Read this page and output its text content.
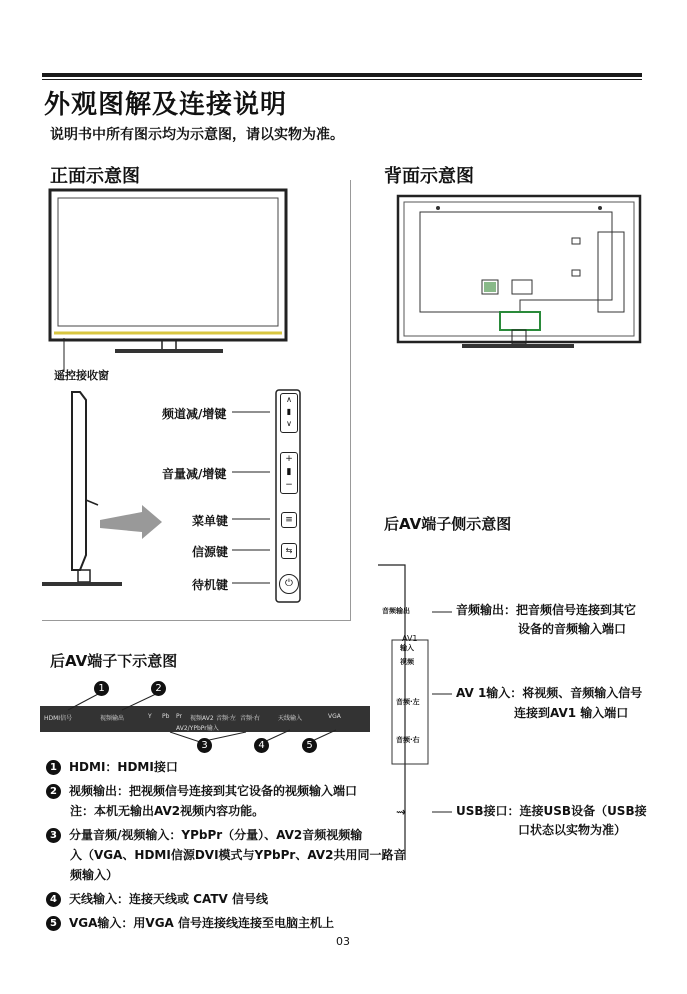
外观图解及连接说明
说明书中所有图示均为示意图，请以实物为准。
正面示意图	背面示意图
遥控接收窗
频道减/增键
音量减/增键
菜单键
信源键
待机键
∧
▮
∨
+
▮
−
≡
⇆
⏻
后AV端子侧示意图
音频输出
AV1
输入
视频
音频·左
音频·右
⇝
音频输出：把音频信号连接到其它
设备的音频输入端口
AV 1输入：将视频、音频输入信号
连接到AV1 输入端口
USB接口：连接USB设备（USB接
口状态以实物为准）
后AV端子下示意图
HDMI信号	视频输出	Y Pb Pr 视频AV2 音频·左 音频·右	天线输入	VGA
AV2/YPbPr输入
1	2
3	4	5
1 HDMI：HDMI接口
2 视频输出：把视频信号连接到其它设备的视频输入端口
注：本机无输出AV2视频内容功能。
3 分量音频/视频输入：YPbPr（分量）、AV2音频视频输
入（VGA、HDMI信源DVI模式与YPbPr、AV2共用同一路音
频输入）
4 天线输入：连接天线或 CATV 信号线
5 VGA输入：用VGA 信号连接线连接至电脑主机上
03
